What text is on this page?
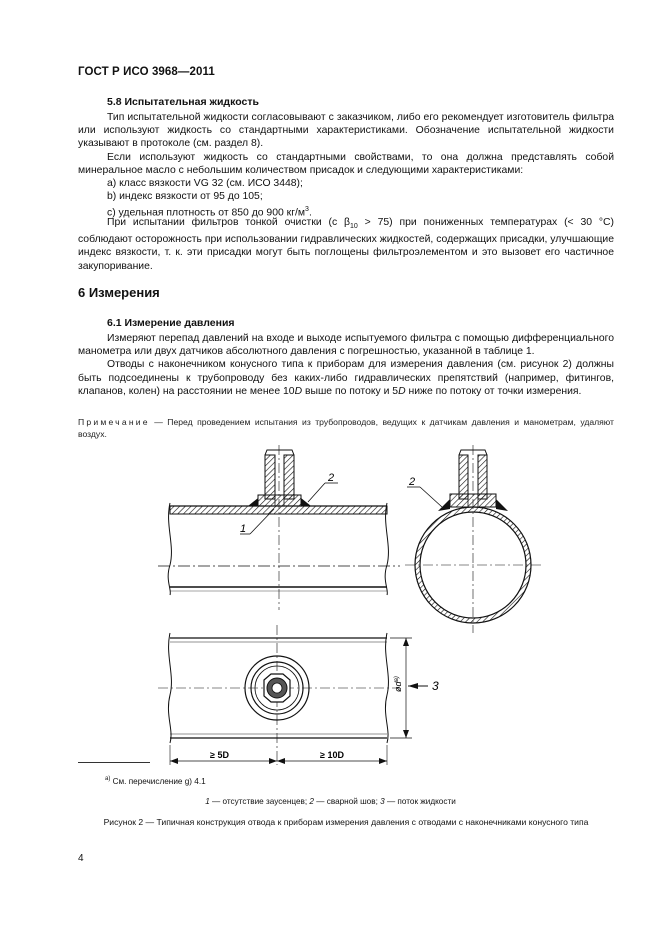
ГОСТ Р ИСО 3968—2011
5.8 Испытательная жидкость

Тип испытательной жидкости согласовывают с заказчиком, либо его рекомендует изготовитель фильтра или используют жидкость со стандартными характеристиками. Обозначение испытательной жидкости указывают в протоколе (см. раздел 8).

Если используют жидкость со стандартными свойствами, то она должна представлять собой минеральное масло с небольшим количеством присадок и следующими характеристиками:

a) класс вязкости VG 32 (см. ИСО 3448);
b) индекс вязкости от 95 до 105;
c) удельная плотность от 850 до 900 $кг/м^3$.

При испытании фильтров тонкой очистки (с $\beta_{10} > 75$) при пониженных температурах (< 30 °С) соблюдают осторожность при использовании гидравлических жидкостей, содержащих присадки, улучшающие индекс вязкости, т. к. эти присадки могут быть поглощены фильтроэлементом и это вызовет его частичное закупоривание.

6 Измерения
6.1 Измерение давления

Измеряют перепад давлений на входе и выходе испытуемого фильтра с помощью дифференциального манометра или двух датчиков абсолютного давления с погрешностью, указанной в таблице 1.

Отводы с наконечником конусного типа к приборам для измерения давления (см. рисунок 2) должны быть подсоединены к трубопроводу без каких-либо гидравлических препятствий (например, фитингов, клапанов, колен) на расстоянии не менее 10D выше по потоку и 5D ниже по потоку от точки измерения.

Примечание — Перед проведением испытания из трубопроводов, ведущих к датчикам давления и манометрам, удаляют воздух.
1
2	2
$ød^{a)}$
3
≥ 5D	≥ 10D
$^{a)}$ См. перечисление g) 4.1
1 — отсутствие заусенцев; 2 — сварной шов; 3 — поток жидкости
Рисунок 2 — Типичная конструкция отвода к приборам измерения давления с отводами с наконечниками конусного типа
4
